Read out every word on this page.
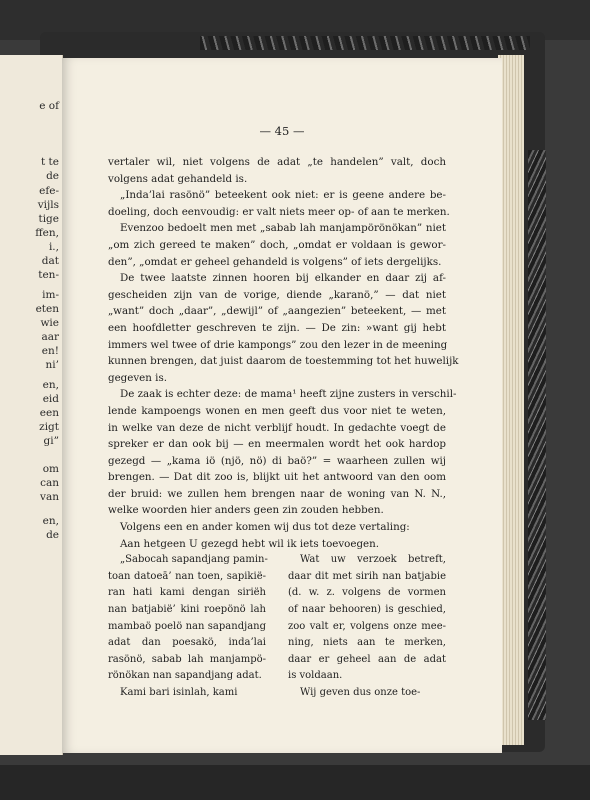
e of
t te
de
efe-
vijls
tige
ffen,
i.,
dat
ten-
im-
eten
wie
aar
en!
ni’
en,
eid
een
zigt
gi”
om
can
van
en,
de
— 45 —
vertaler wil, niet volgens de adat „te handelen” valt, doch
volgens adat gehandeld is.
„Inda’lai rasönö” beteekent ook niet: er is geene andere be-
doeling, doch eenvoudig: er valt niets meer op- of aan te merken.
Evenzoo bedoelt men met „sabab lah manjampörönökan” niet
„om zich gereed te maken” doch, „omdat er voldaan is gewor-
den”, „omdat er geheel gehandeld is volgens” of iets dergelijks.
De twee laatste zinnen hooren bij elkander en daar zij af-
gescheiden zijn van de vorige, diende „karanö,” — dat niet
„want” doch „daar”, „dewijl” of „aangezien” beteekent, — met
een hoofdletter geschreven te zijn. — De zin: »want gij hebt
immers wel twee of drie kampongs” zou den lezer in de meening
kunnen brengen, dat juist daarom de toestemming tot het huwelijk
gegeven is.
De zaak is echter deze: de mama¹ heeft zijne zusters in verschil-
lende kampoengs wonen en men geeft dus voor niet te weten,
in welke van deze de nicht verblijf houdt. In gedachte voegt de
spreker er dan ook bij — en meermalen wordt het ook hardop
gezegd — „kama iö (njö, nö) di baö?” = waarheen zullen wij
brengen. — Dat dit zoo is, blijkt uit het antwoord van den oom
der bruid: we zullen hem brengen naar de woning van N. N.,
welke woorden hier anders geen zin zouden hebben.
Volgens een en ander komen wij dus tot deze vertaling:
Aan hetgeen U gezegd hebt wil ik iets toevoegen.
„Sabocah sapandjang pamin-
toan datoeā’ nan toen, sapikië-
ran hati kami dengan siriëh
nan batjabië’ kini roepönö lah
mambaö poelö nan sapandjang
adat dan poesakö, inda’lai
rasönö, sabab lah manjampö-
rönökan nan sapandjang adat.
Kami bari isinlah, kami
Wat uw verzoek betreft,
daar dit met sirih nan batjabie
(d. w. z. volgens de vormen
of naar behooren) is geschied,
zoo valt er, volgens onze mee-
ning, niets aan te merken,
daar er geheel aan de adat
is voldaan.
Wij geven dus onze toe-
